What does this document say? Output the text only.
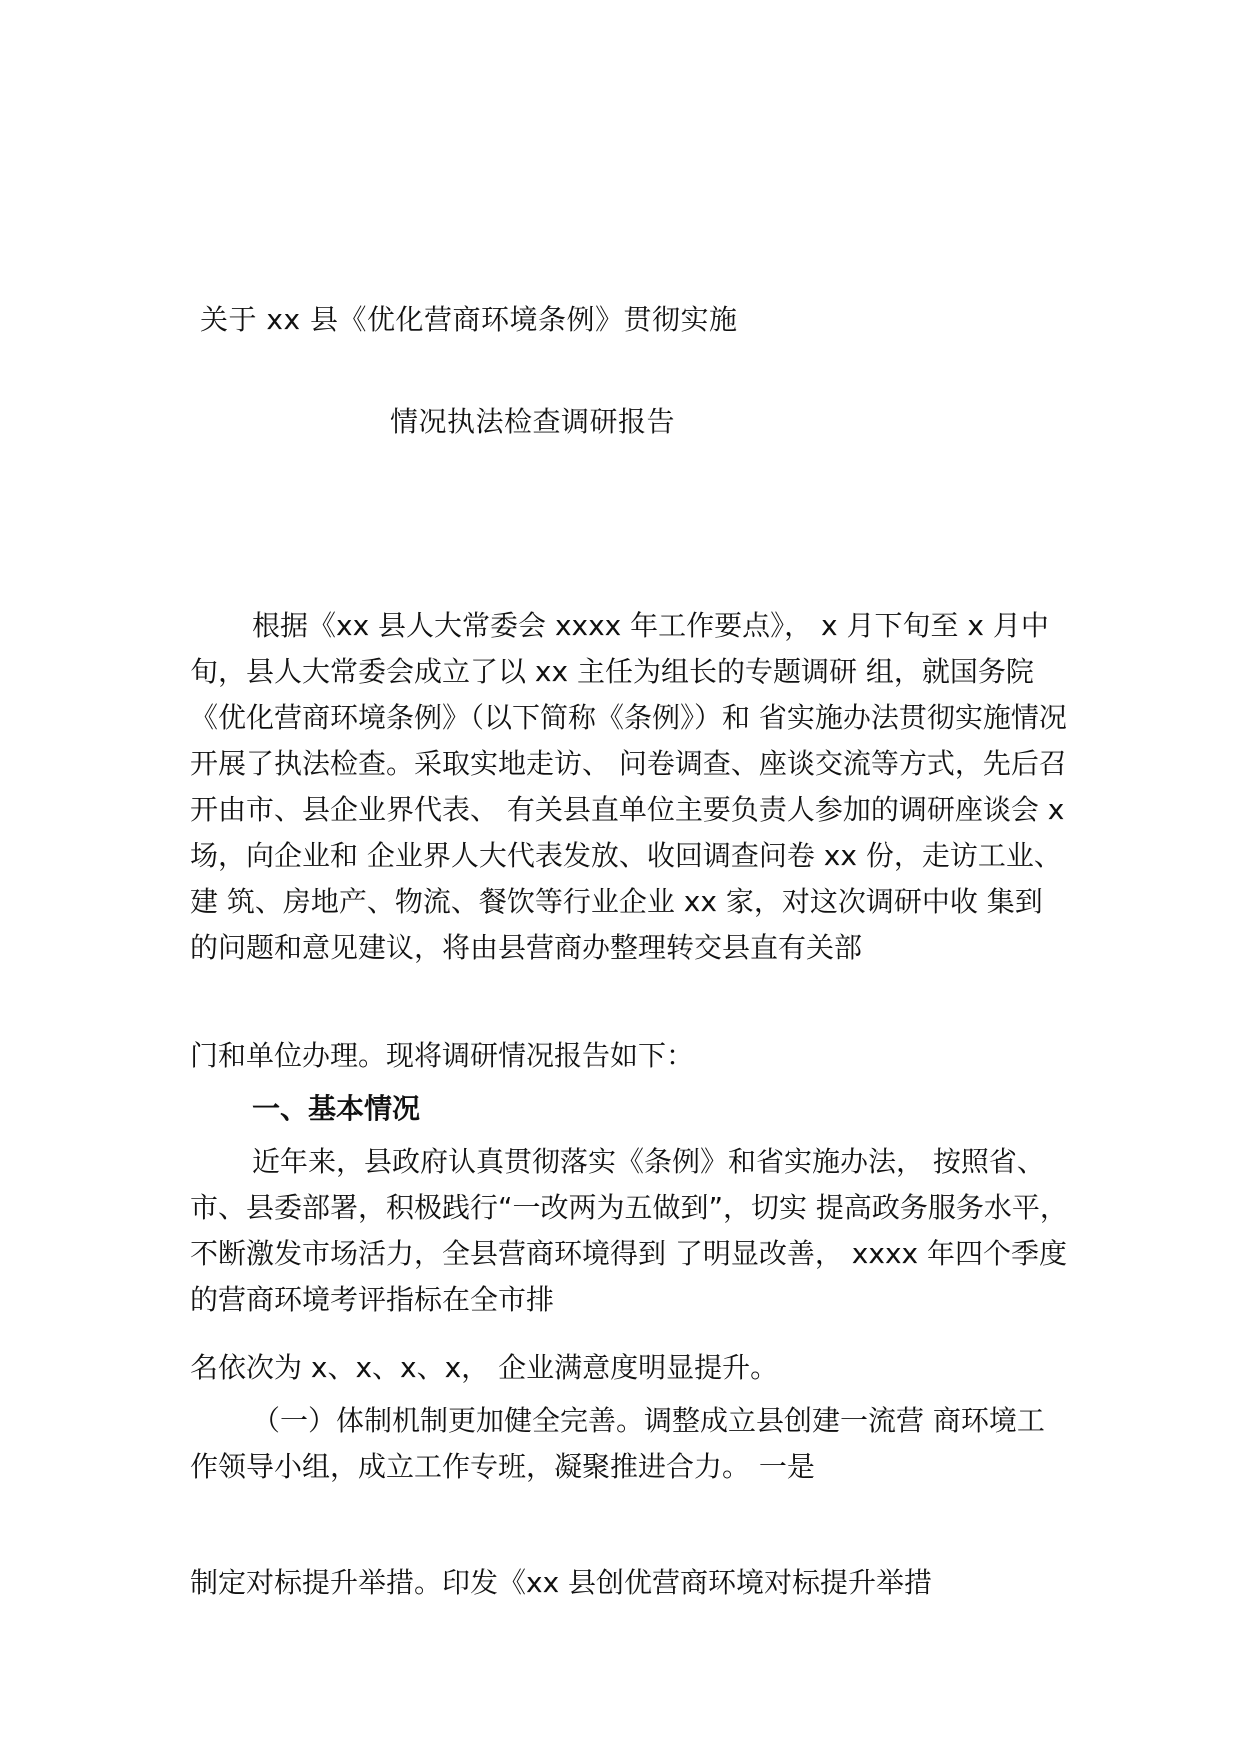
关于 xx 县《优化营商环境条例》贯彻实施
情况执法检查调研报告
根据《xx 县人大常委会 xxxx 年工作要点》， x 月下旬至 x 月中旬，县人大常委会成立了以 xx 主任为组长的专题调研 组，就国务院《优化营商环境条例》（以下简称《条例》）和 省实施办法贯彻实施情况开展了执法检查。采取实地走访、 问卷调查、座谈交流等方式，先后召开由市、县企业界代表、 有关县直单位主要负责人参加的调研座谈会 x 场，向企业和 企业界人大代表发放、收回调查问卷 xx 份，走访工业、建 筑、房地产、物流、餐饮等行业企业 xx 家，对这次调研中收 集到的问题和意见建议，将由县营商办整理转交县直有关部
门和单位办理。现将调研情况报告如下：
一、基本情况
近年来，县政府认真贯彻落实《条例》和省实施办法， 按照省、市、县委部署，积极践行“一改两为五做到”，切实 提高政务服务水平，不断激发市场活力，全县营商环境得到 了明显改善， xxxx 年四个季度的营商环境考评指标在全市排
名依次为 x、x、x、x， 企业满意度明显提升。
（一）体制机制更加健全完善。调整成立县创建一流营 商环境工作领导小组，成立工作专班，凝聚推进合力。 一是
制定对标提升举措。印发《xx 县创优营商环境对标提升举措
